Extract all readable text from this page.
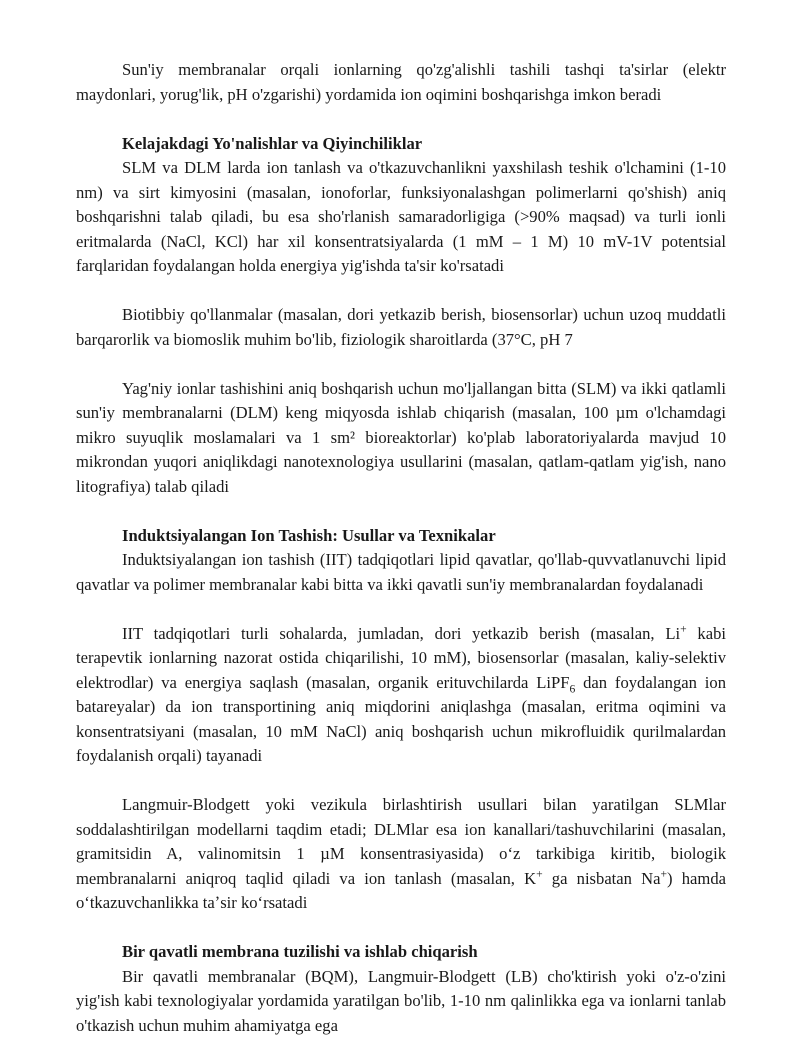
Sun'iy membranalar orqali ionlarning qo'zg'alishli tashili tashqi ta'sirlar (elektr maydonlari, yorug'lik, pH o'zgarishi) yordamida ion oqimini boshqarishga imkon beradi

Kelajakdagi Yo'nalishlar va Qiyinchiliklar

SLM va DLM larda ion tanlash va o'tkazuvchanlikni yaxshilash teshik o'lchamini (1-10 nm) va sirt kimyosini (masalan, ionoforlar, funksiyonalashgan polimerlarni qo'shish) aniq boshqarishni talab qiladi, bu esa sho'rlanish samaradorligiga (>90% maqsad) va turli ionli eritmalarda (NaCl, KCl) har xil konsentratsiyalarda (1 mM – 1 M) 10 mV-1V potentsial farqlaridan foydalangan holda energiya yig'ishda ta'sir ko'rsatadi

Biotibbiy qo'llanmalar (masalan, dori yetkazib berish, biosensorlar) uchun uzoq muddatli barqarorlik va biomoslik muhim bo'lib, fiziologik sharoitlarda (37°C, pH 7

Yag'niy ionlar tashishini aniq boshqarish uchun mo'ljallangan bitta (SLM) va ikki qatlamli sun'iy membranalarni (DLM) keng miqyosda ishlab chiqarish (masalan, 100 µm o'lchamdagi mikro suyuqlik moslamalari va 1 sm² bioreaktorlar) ko'plab laboratoriyalarda mavjud 10 mikrondan yuqori aniqlikdagi nanotexnologiya usullarini (masalan, qatlam-qatlam yig'ish, nano litografiya) talab qiladi

Induktsiyalangan Ion Tashish: Usullar va Texnikalar

Induktsiyalangan ion tashish (IIT) tadqiqotlari lipid qavatlar, qo'llab-quvvatlanuvchi lipid qavatlar va polimer membranalar kabi bitta va ikki qavatli sun'iy membranalardan foydalanadi

IIT tadqiqotlari turli sohalarda, jumladan, dori yetkazib berish (masalan, Li+ kabi terapevtik ionlarning nazorat ostida chiqarilishi, 10 mM), biosensorlar (masalan, kaliy-selektiv elektrodlar) va energiya saqlash (masalan, organik erituvchilarda LiPF$_6$ dan foydalangan ion batareyalar) da ion transportining aniq miqdorini aniqlashga (masalan, eritma oqimini va konsentratsiyani (masalan, 10 mM NaCl) aniq boshqarish uchun mikrofluidik qurilmalardan foydalanish orqali) tayanadi

Langmuir-Blodgett yoki vezikula birlashtirish usullari bilan yaratilgan SLMlar soddalashtirilgan modellarni taqdim etadi; DLMlar esa ion kanallari/tashuvchilarini (masalan, gramitsidin A, valinomitsin 1 µM konsentrasiyasida) oʻz tarkibiga kiritib, biologik membranalarni aniqroq taqlid qiladi va ion tanlash (masalan, K+ ga nisbatan Na+) hamda oʻtkazuvchanlikka taʼsir koʻrsatadi

Bir qavatli membrana tuzilishi va ishlab chiqarish

Bir qavatli membranalar (BQM), Langmuir-Blodgett (LB) cho'ktirish yoki o'z-o'zini yig'ish kabi texnologiyalar yordamida yaratilgan bo'lib, 1-10 nm qalinlikka ega va ionlarni tanlab o'tkazish uchun muhim ahamiyatga ega
